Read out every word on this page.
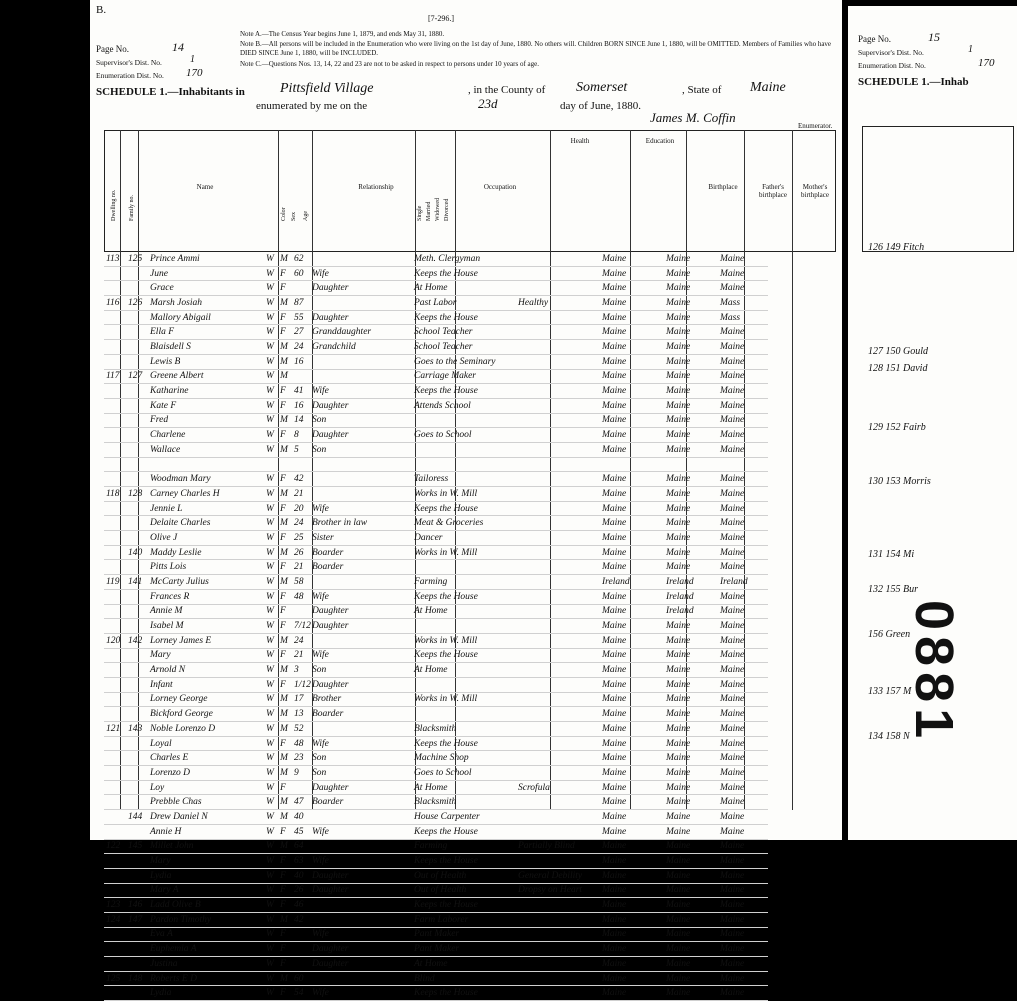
B.
[7-296.]
Page No.	14
Supervisor's Dist. No.	1
Enumeration Dist. No. 170
Note A.—The Census Year begins June 1, 1879, and ends May 31, 1880.
Note B.—All persons will be included in the Enumeration who were living on the 1st day of June, 1880. No others will. Children BORN SINCE June 1, 1880, will be OMITTED. Members of Families who have DIED SINCE June 1, 1880, will be INCLUDED.
Note C.—Questions Nos. 13, 14, 22 and 23 are not to be asked in respect to persons under 10 years of age.
SCHEDULE 1.—Inhabitants in	Pittsfield Village	, in the County of Somerset	, State of Maine
enumerated by me on the	23d	day of June, 1880.
James M. Coffin
Enumerator.
Dwelling no. Family no.
Name
Color Sex Age
Relationship
Single Married Widowed Divorced
Occupation
Health	Education
Birthplace	Father's birthplace
Mother's birthplace
113	125	Prince Ammi	W	M	62		Meth. Clergyman		Maine	Maine	Maine
		June	W	F	60	Wife	Keeps the House		Maine	Maine	Maine
		Grace	W	F		Daughter	At Home		Maine	Maine	Maine
116	126	Marsh Josiah	W	M	87		Past Labor	Healthy	Maine	Maine	Mass
		Mallory Abigail	W	F	55	Daughter	Keeps the House		Maine	Maine	Mass
		Ella F	W	F	27	Granddaughter	School Teacher		Maine	Maine	Maine
		Blaisdell S	W	M	24	Grandchild	School Teacher		Maine	Maine	Maine
		Lewis B	W	M	16		Goes to the Seminary		Maine	Maine	Maine
117	127	Greene Albert	W	M			Carriage Maker		Maine	Maine	Maine
		Katharine	W	F	41	Wife	Keeps the House		Maine	Maine	Maine
		Kate F	W	F	16	Daughter	Attends School		Maine	Maine	Maine
		Fred	W	M	14	Son			Maine	Maine	Maine
		Charlene	W	F	8	Daughter	Goes to School		Maine	Maine	Maine
		Wallace	W	M	5	Son			Maine	Maine	Maine

		Woodman Mary	W	F	42		Tailoress		Maine	Maine	Maine
118	128	Carney Charles H	W	M	21		Works in W. Mill		Maine	Maine	Maine
		Jennie L	W	F	20	Wife	Keeps the House		Maine	Maine	Maine
		Delaite Charles	W	M	24	Brother in law	Meat & Groceries		Maine	Maine	Maine
		Olive J	W	F	25	Sister	Dancer		Maine	Maine	Maine
	140	Maddy Leslie	W	M	26	Boarder	Works in W. Mill		Maine	Maine	Maine
		Pitts Lois	W	F	21	Boarder			Maine	Maine	Maine
119	141	McCarty Julius	W	M	58		Farming		Ireland	Ireland	Ireland
		Frances R	W	F	48	Wife	Keeps the House		Maine	Ireland	Maine
		Annie M	W	F		Daughter	At Home		Maine	Ireland	Maine
		Isabel M	W	F	7/12	Daughter			Maine	Maine	Maine
120	142	Lorney James E	W	M	24		Works in W. Mill		Maine	Maine	Maine
		Mary	W	F	21	Wife	Keeps the House		Maine	Maine	Maine
		Arnold N	W	M	3	Son	At Home		Maine	Maine	Maine
		Infant	W	F	1/12	Daughter			Maine	Maine	Maine
		Lorney George	W	M	17	Brother	Works in W. Mill		Maine	Maine	Maine
		Bickford George	W	M	13	Boarder			Maine	Maine	Maine
121	143	Noble Lorenzo D	W	M	52		Blacksmith		Maine	Maine	Maine
		Loyal	W	F	48	Wife	Keeps the House		Maine	Maine	Maine
		Charles E	W	M	23	Son	Machine Shop		Maine	Maine	Maine
		Lorenzo D	W	M	9	Son	Goes to School		Maine	Maine	Maine
		Loy	W	F		Daughter	At Home	Scrofula	Maine	Maine	Maine
		Prebble Chas	W	M	47	Boarder	Blacksmith		Maine	Maine	Maine
	144	Drew Daniel N	W	M	40		House Carpenter		Maine	Maine	Maine
		Annie H	W	F	45	Wife	Keeps the House		Maine	Maine	Maine
122	145	Millet John	W	M	64		Farming	Partially Blind	Maine	Maine	Maine
		Mary	W	F	63	Wife	Keeps the House		Maine	Maine	Maine
		Lydia	W	F	40	Daughter	Out of Health	General Debility	Maine	Maine	Maine
		Mary A	W	F	26	Daughter	Out of Health	Dropsy on Heart	Maine	Maine	Maine
123	146	Ladd Olive B	W	F	46		Keeps the House		Maine	Maine	Maine
124	147	Pardon Timothy	W	M	42		Farm Laborer		Maine	Maine	Maine
		Eva A	W	F		Wife	Pant Maker		Maine	Maine	Maine
		Euphemia A	W	F		Daughter	Pant Maker		Maine	Maine	Maine
		Justina	W	F		Daughter	At Home		Maine	Maine	Maine
125	148	Roberts E D	W	M	60		Blind		Maine	Maine	Maine
		Lydia	W	F	54	Wife	Keeps the House		Maine	Maine	Maine
Page No.	15
Supervisor's Dist. No.	1
Enumeration Dist. No.	170
SCHEDULE 1.—Inhab
126 149 Fitch
127 150 Gould
128 151 David
129 152 Fairb
130 153 Morris
131 154 Mi
132 155 Bur
156 Green
133 157 M
134 158 N
0881
